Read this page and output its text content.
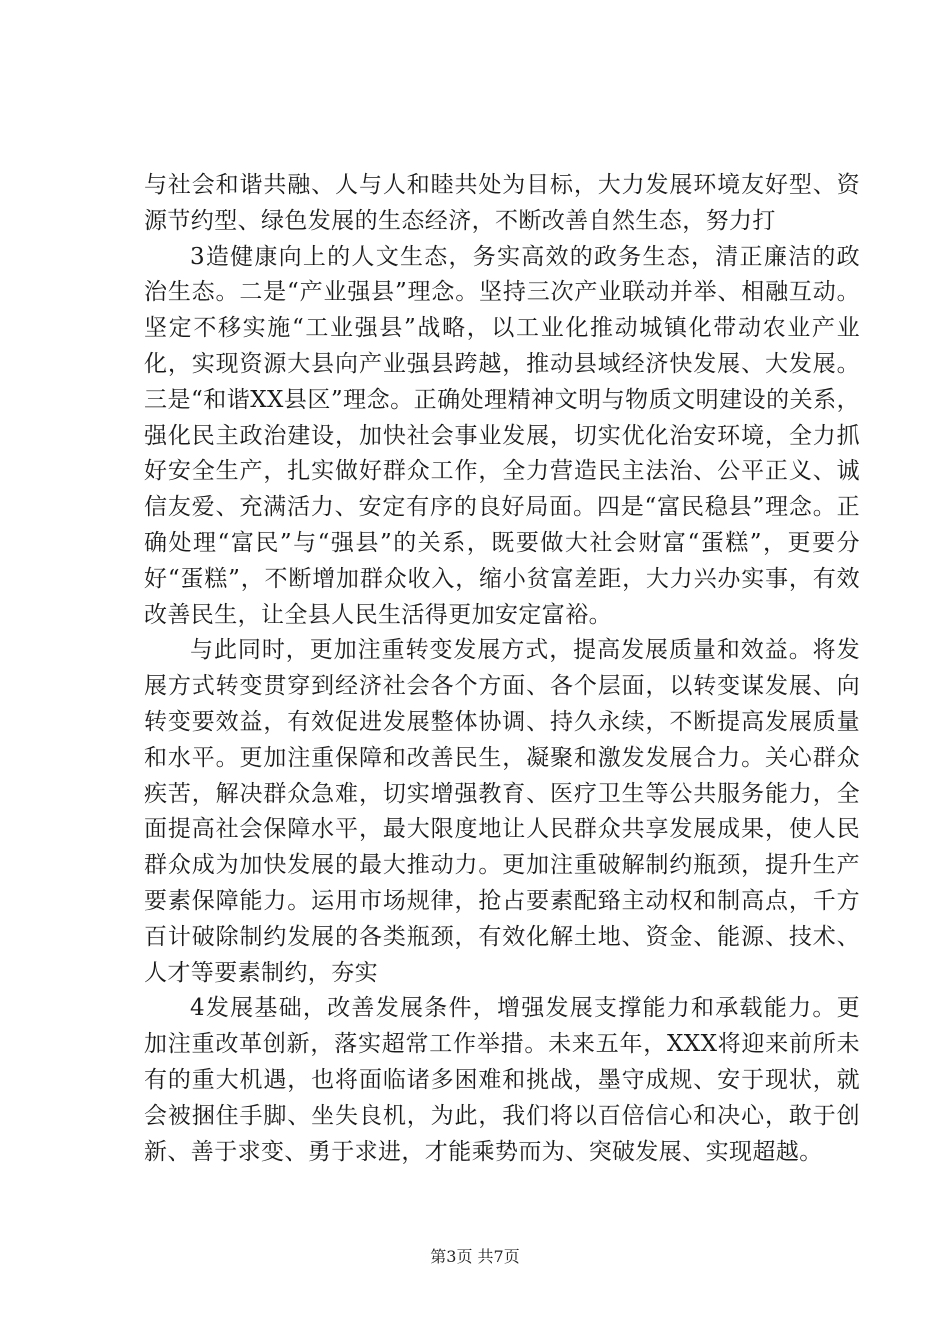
与社会和谐共融、人与人和睦共处为目标，大力发展环境友好型、资源节约型、绿色发展的生态经济，不断改善自然生态，努力打

3造健康向上的人文生态，务实高效的政务生态，清正廉洁的政治生态。二是“产业强县”理念。坚持三次产业联动并举、相融互动。坚定不移实施“工业强县”战略，以工业化推动城镇化带动农业产业化，实现资源大县向产业强县跨越，推动县域经济快发展、大发展。三是“和谐XX县区”理念。正确处理精神文明与物质文明建设的关系，强化民主政治建设，加快社会事业发展，切实优化治安环境，全力抓好安全生产，扎实做好群众工作，全力营造民主法治、公平正义、诚信友爱、充满活力、安定有序的良好局面。四是“富民稳县”理念。正确处理“富民”与“强县”的关系，既要做大社会财富“蛋糕”，更要分好“蛋糕”，不断增加群众收入，缩小贫富差距，大力兴办实事，有效改善民生，让全县人民生活得更加安定富裕。

与此同时，更加注重转变发展方式，提高发展质量和效益。将发展方式转变贯穿到经济社会各个方面、各个层面，以转变谋发展、向转变要效益，有效促进发展整体协调、持久永续，不断提高发展质量和水平。更加注重保障和改善民生，凝聚和激发发展合力。关心群众疾苦，解决群众急难，切实增强教育、医疗卫生等公共服务能力，全面提高社会保障水平，最大限度地让人民群众共享发展成果，使人民群众成为加快发展的最大推动力。更加注重破解制约瓶颈，提升生产要素保障能力。运用市场规律，抢占要素配臵主动权和制高点，千方百计破除制约发展的各类瓶颈，有效化解土地、资金、能源、技术、人才等要素制约，夯实

4发展基础，改善发展条件，增强发展支撑能力和承载能力。更加注重改革创新，落实超常工作举措。未来五年，XXX将迎来前所未有的重大机遇，也将面临诸多困难和挑战，墨守成规、安于现状，就会被捆住手脚、坐失良机，为此，我们将以百倍信心和决心，敢于创新、善于求变、勇于求进，才能乘势而为、突破发展、实现超越。

第3页 共7页
